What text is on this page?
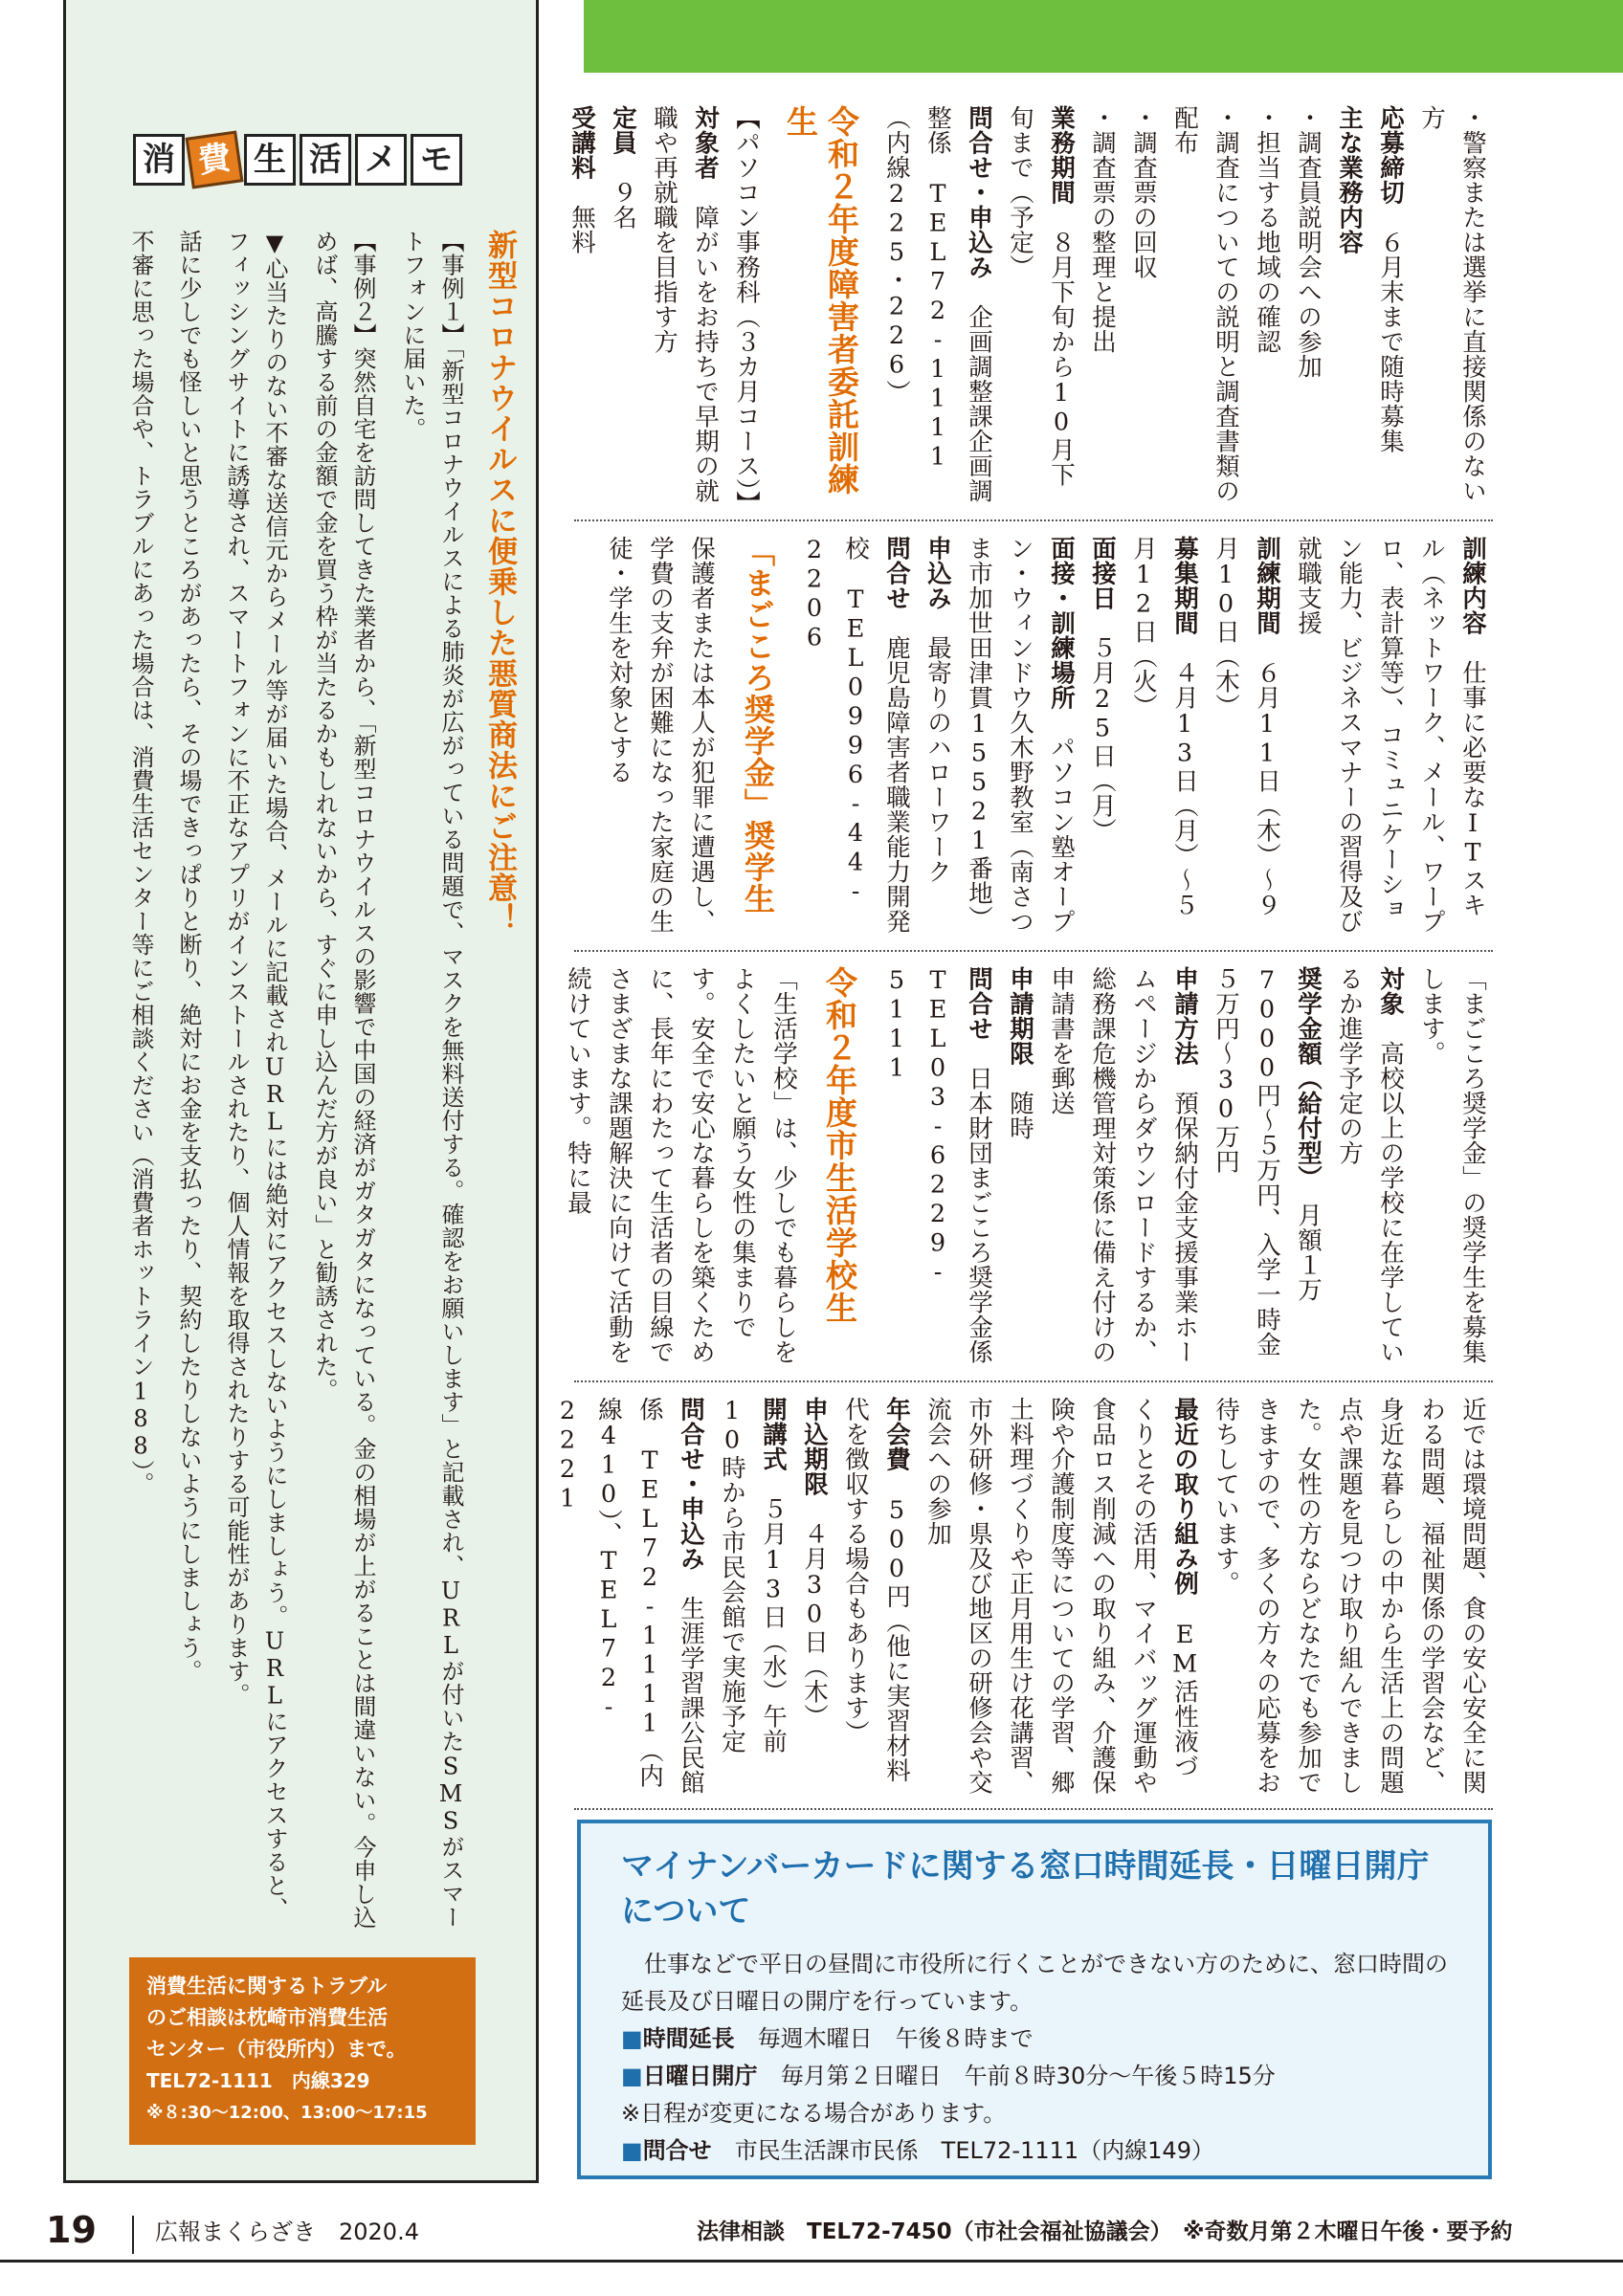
消 費 生 活 メ モ

新型コロナウイルスに便乗した悪質商法にご注意！

【事例１】「新型コロナウイルスによる肺炎が広がっている問題で、マスクを無料送付する。確認をお願いします」と記載され、URLが付いたSMSがスマートフォンに届いた。

【事例２】突然自宅を訪問してきた業者から、「新型コロナウイルスの影響で中国の経済がガタガタになっている。金の相場が上がることは間違いない。今申し込めば、高騰する前の金額で金を買う枠が当たるかもしれないから、すぐに申し込んだ方が良い」と勧誘された。

▼心当たりのない不審な送信元からメール等が届いた場合、メールに記載されURLには絶対にアクセスしないようにしましょう。URLにアクセスすると、フィッシングサイトに誘導され、スマートフォンに不正なアプリがインストールされたり、個人情報を取得されたりする可能性があります。

話に少しでも怪しいと思うところがあったら、その場できっぱりと断り、絶対にお金を支払ったり、契約したりしないようにしましょう。

不審に思った場合や、トラブルにあった場合は、消費生活センター等にご相談ください（消費者ホットライン188）。

消費生活に関するトラブル
のご相談は枕崎市消費生活
センター（市役所内）まで。
TEL72-1111　内線329
※８:30〜12:00、13:00〜17:15

・警察または選挙に直接関係のない方

応募締切　６月末まで随時募集

主な業務内容

・調査員説明会への参加

・担当する地域の確認

・調査についての説明と調査書類の配布

・調査票の回収

・調査票の整理と提出

業務期間　８月下旬から10月下旬まで（予定）

問合せ・申込み　企画調整課企画調整係　TEL72-1111（内線225・226）

令和２年度障害者委託訓練生

【パソコン事務科（３カ月コース）】

対象者　障がいをお持ちで早期の就職や再就職を目指す方

定員　９名

受講料　無料

訓練内容　仕事に必要なITスキル（ネットワーク、メール、ワープロ、表計算等）、コミュニケーション能力、ビジネスマナーの習得及び就職支援

訓練期間　６月11日（木）〜９月10日（木）

募集期間　４月13日（月）〜５月12日（火）

面接日　５月25日（月）

面接・訓練場所　パソコン塾オープン・ウィンドウ久木野教室（南さつま市加世田津貫15521番地）

申込み　最寄りのハローワーク

問合せ　鹿児島障害者職業能力開発校　TEL0996-44-2206

「まごころ奨学金」奨学生

保護者または本人が犯罪に遭遇し、学費の支弁が困難になった家庭の生徒・学生を対象とする

「まごころ奨学金」の奨学生を募集します。

対象　高校以上の学校に在学しているか進学予定の方

奨学金額（給付型）　月額１万7000円〜５万円、入学一時金５万円〜30万円

申請方法　預保納付金支援事業ホームページからダウンロードするか、総務課危機管理対策係に備え付けの申請書を郵送

申請期限　随時

問合せ　日本財団まごころ奨学金係　TEL03-6229-5111

令和２年度市生活学校生

「生活学校」は、少しでも暮らしをよくしたいと願う女性の集まりです。安全で安心な暮らしを築くために、長年にわたって生活者の目線でさまざまな課題解決に向けて活動を続けています。特に最

近では環境問題、食の安心安全に関わる問題、福祉関係の学習会など、身近な暮らしの中から生活上の問題点や課題を見つけ取り組んできました。女性の方ならどなたでも参加できますので、多くの方々の応募をお待ちしています。

最近の取り組み例　EM活性液づくりとその活用、マイバッグ運動や食品ロス削減への取り組み、介護保険や介護制度等についての学習、郷土料理づくりや正月用生け花講習、市外研修・県及び地区の研修会や交流会への参加

年会費　500円（他に実習材料代を徴収する場合もあります）

申込期限　４月30日（木）

開講式　５月13日（水）午前10時から市民会館で実施予定

問合せ・申込み　生涯学習課公民館係　TEL72-1111（内線410）、TEL72-2221

マイナンバーカードに関する窓口時間延長・日曜日開庁について

仕事などで平日の昼間に市役所に行くことができない方のために、窓口時間の延長及び日曜日の開庁を行っています。

■時間延長　 毎週木曜日　午後８時まで

■日曜日開庁　 毎月第２日曜日　午前８時30分〜午後５時15分

※日程が変更になる場合があります。

■問合せ　 市民生活課市民係　TEL72-1111（内線149）

19	広報まくらざき　2020.4	法律相談　TEL72-7450（市社会福祉協議会）　※奇数月第２木曜日午後・要予約
